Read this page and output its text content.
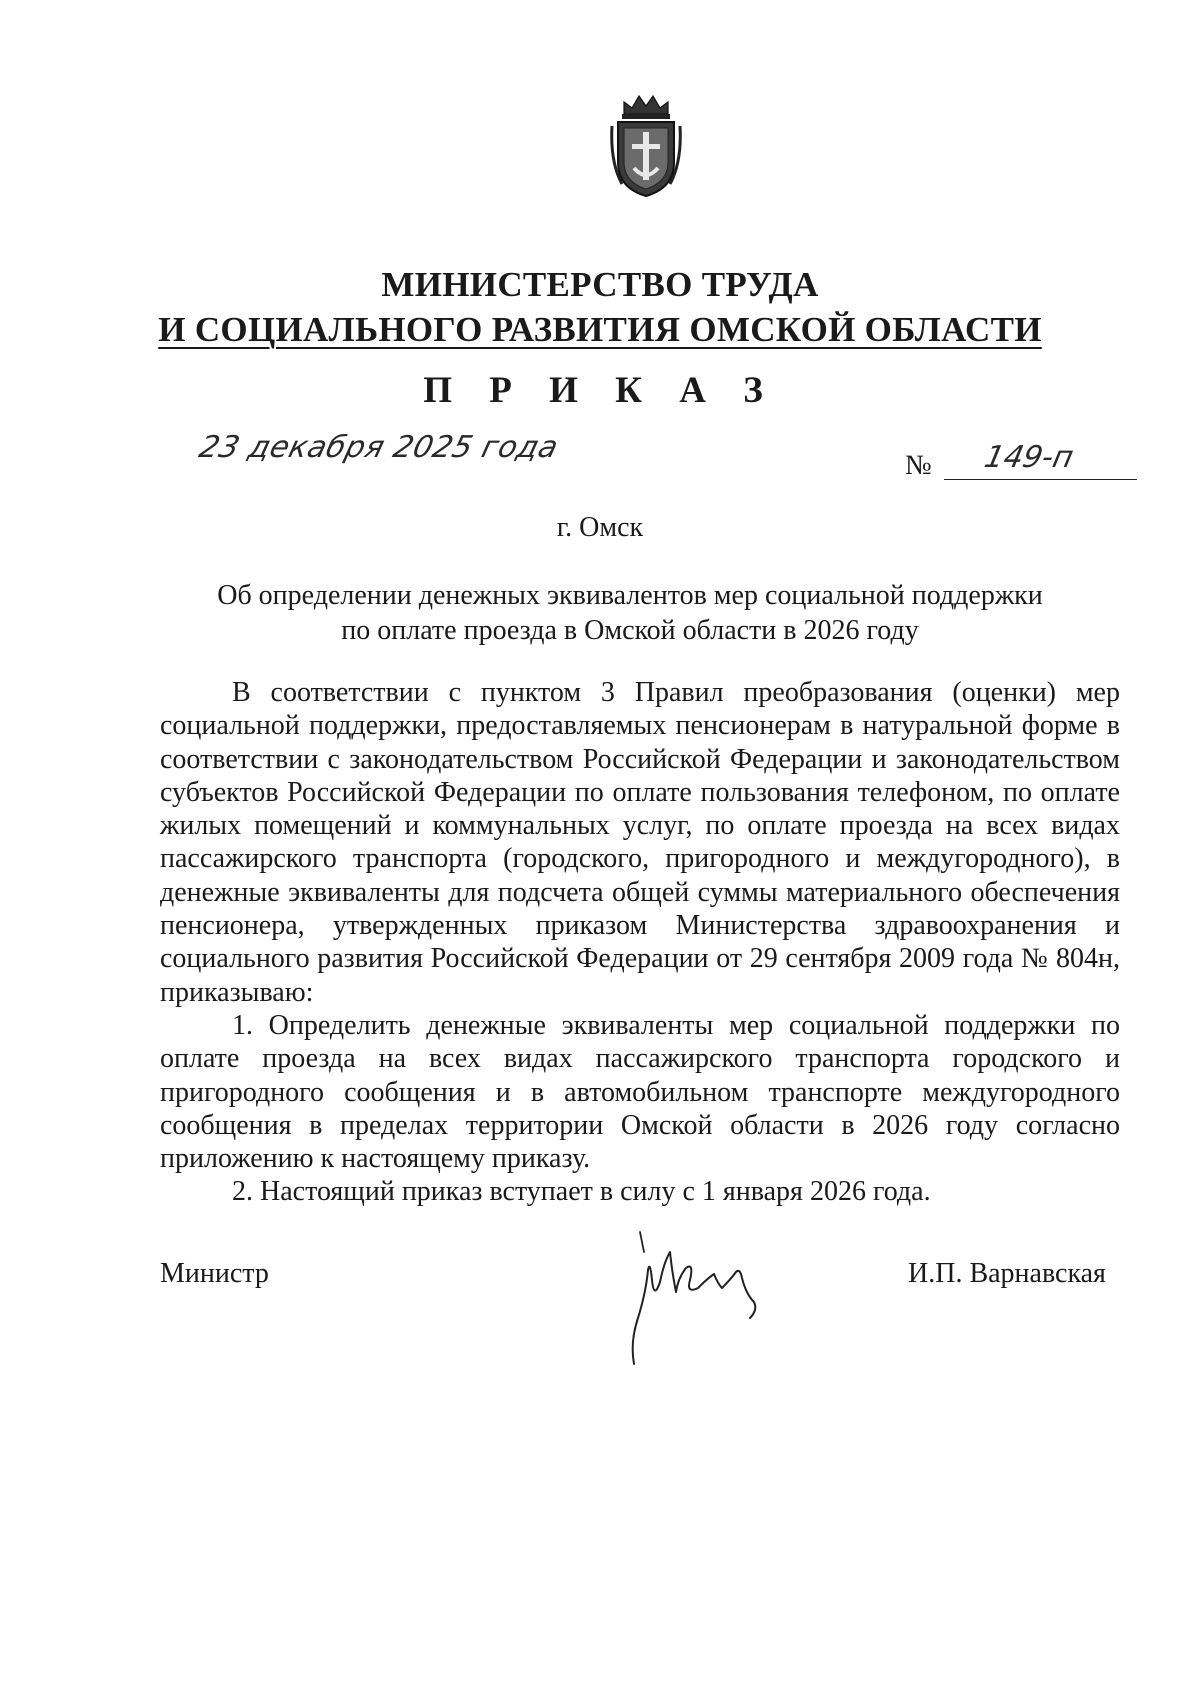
МИНИСТЕРСТВО ТРУДА
И СОЦИАЛЬНОГО РАЗВИТИЯ ОМСКОЙ ОБЛАСТИ
П Р И К А З
23 декабря 2025 года
№ 149-п
г. Омск
Об определении денежных эквивалентов мер социальной поддержки
по оплате проезда в Омской области в 2026 году

В соответствии с пунктом 3 Правил преобразования (оценки) мер социальной поддержки, предоставляемых пенсионерам в натуральной форме в соответствии с законодательством Российской Федерации и законодательством субъектов Российской Федерации по оплате пользования телефоном, по оплате жилых помещений и коммунальных услуг, по оплате проезда на всех видах пассажирского транспорта (городского, пригородного и междугородного), в денежные эквиваленты для подсчета общей суммы материального обеспечения пенсионера, утвержденных приказом Министерства здравоохранения и социального развития Российской Федерации от 29 сентября 2009 года № 804н, приказываю:

1. Определить денежные эквиваленты мер социальной поддержки по оплате проезда на всех видах пассажирского транспорта городского и пригородного сообщения и в автомобильном транспорте междугородного сообщения в пределах территории Омской области в 2026 году согласно приложению к настоящему приказу.

2. Настоящий приказ вступает в силу с 1 января 2026 года.

Министр	И.П. Варнавская
